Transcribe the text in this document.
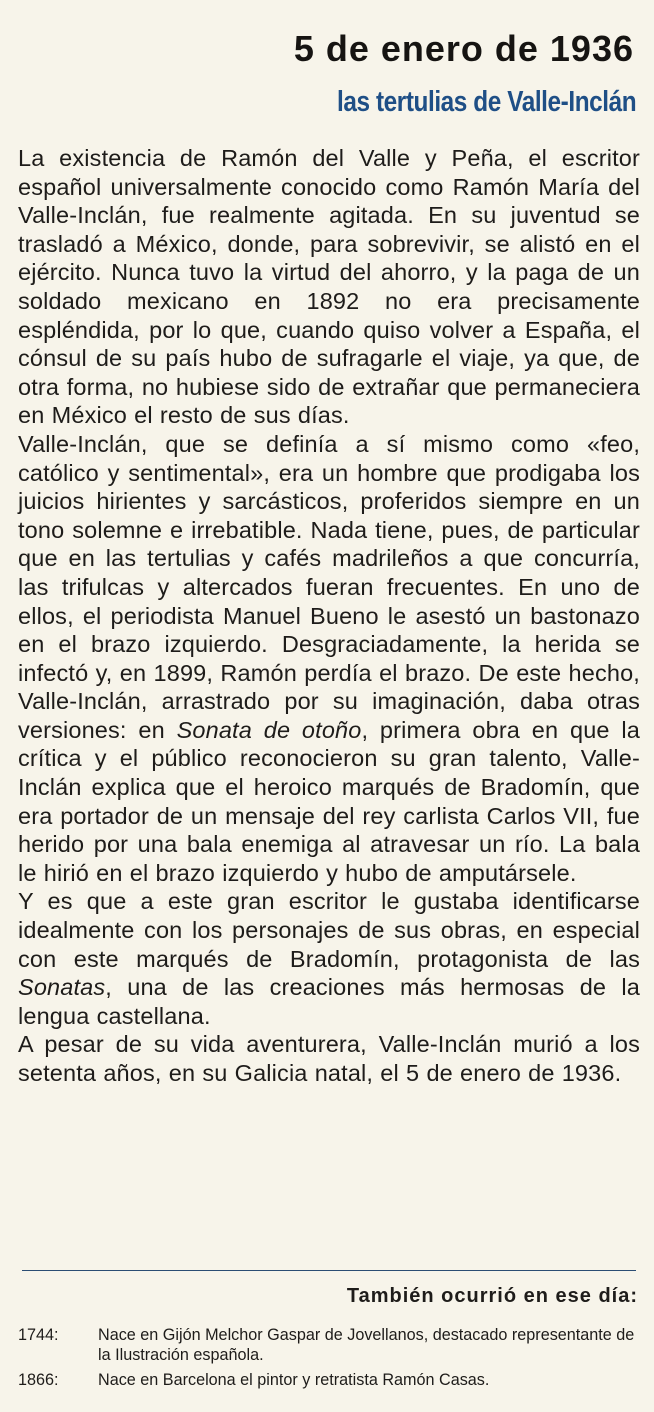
5 de enero de 1936
las tertulias de Valle-Inclán

La existencia de Ramón del Valle y Peña, el escritor español universalmente conocido como Ramón María del Valle-Inclán, fue realmente agitada. En su juventud se trasladó a México, donde, para sobrevivir, se alistó en el ejército. Nunca tuvo la virtud del ahorro, y la paga de un soldado mexicano en 1892 no era precisamente espléndida, por lo que, cuando quiso volver a España, el cónsul de su país hubo de sufragarle el viaje, ya que, de otra forma, no hubiese sido de extrañar que permaneciera en México el resto de sus días.

Valle-Inclán, que se definía a sí mismo como «feo, católico y sentimental», era un hombre que prodigaba los juicios hirientes y sarcásticos, proferidos siempre en un tono solemne e irrebatible. Nada tiene, pues, de particular que en las tertulias y cafés madrileños a que concurría, las trifulcas y altercados fueran frecuentes. En uno de ellos, el periodista Manuel Bueno le asestó un bastonazo en el brazo izquierdo. Desgraciadamente, la herida se infectó y, en 1899, Ramón perdía el brazo. De este hecho, Valle-Inclán, arrastrado por su imaginación, daba otras versiones: en Sonata de otoño, primera obra en que la crítica y el público reconocieron su gran talento, Valle-Inclán explica que el heroico marqués de Bradomín, que era portador de un mensaje del rey carlista Carlos VII, fue herido por una bala enemiga al atravesar un río. La bala le hirió en el brazo izquierdo y hubo de amputársele.

Y es que a este gran escritor le gustaba identificarse idealmente con los personajes de sus obras, en especial con este marqués de Bradomín, protagonista de las Sonatas, una de las creaciones más hermosas de la lengua castellana.

A pesar de su vida aventurera, Valle-Inclán murió a los setenta años, en su Galicia natal, el 5 de enero de 1936.

También ocurrió en ese día:
1744:	Nace en Gijón Melchor Gaspar de Jovellanos, destacado representante de la Ilustración española.
1866:	Nace en Barcelona el pintor y retratista Ramón Casas.
